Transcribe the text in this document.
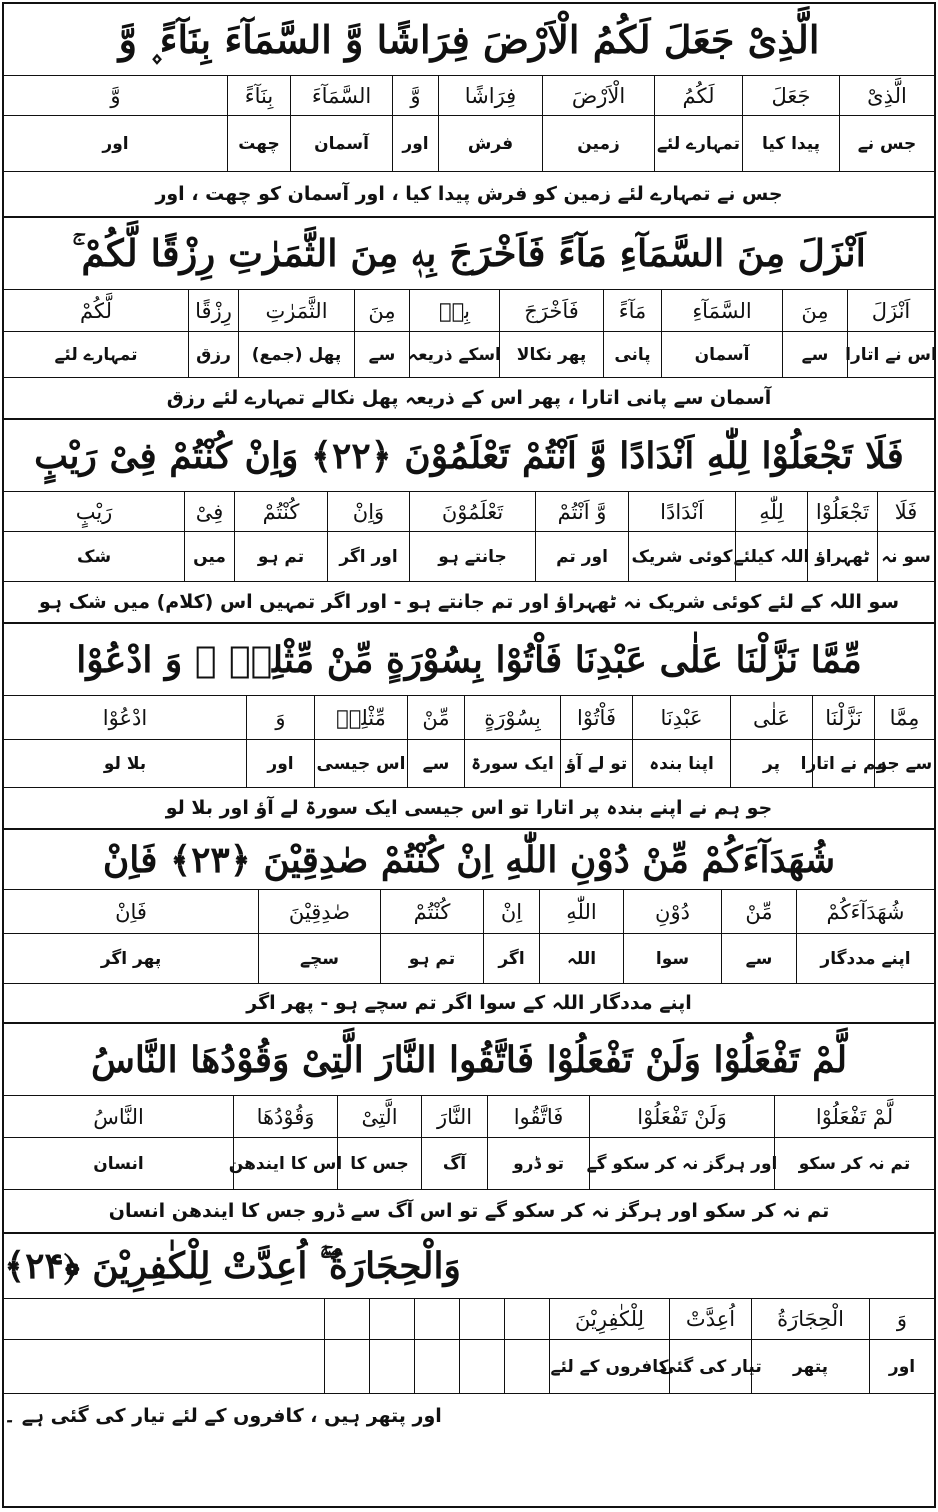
الَّذِیْ جَعَلَ لَكُمُ الْاَرْضَ فِرَاشًا وَّ السَّمَآءَ بِنَآءً ۪ وَّ
الَّذِیْ
جَعَلَ
لَكُمُ
الْاَرْضَ
فِرَاشًا
وَّ
السَّمَآءَ
بِنَآءً
وَّ
جس نے
پیدا کیا
تمہارے لئے
زمین
فرش
اور
آسمان
چھت
اور
جس نے تمہارے لئے زمین کو فرش پیدا کیا ، اور آسمان کو چھت ، اور
اَنْزَلَ مِنَ السَّمَآءِ مَآءً فَاَخْرَجَ بِهٖ مِنَ الثَّمَرٰتِ رِزْقًا لَّكُمْ ۚ
اَنْزَلَ
مِنَ
السَّمَآءِ
مَآءً
فَاَخْرَجَ
بِهٖ
مِنَ
الثَّمَرٰتِ
رِزْقًا
لَّكُمْ
اس نے اتارا
سے
آسمان
پانی
پھر نکالا
اسکے ذریعہ
سے
پھل (جمع)
رزق
تمہارے لئے
آسمان سے پانی اتارا ، پھر اس کے ذریعہ پھل نکالے تمہارے لئے رزق
فَلَا تَجْعَلُوْا لِلّٰهِ اَنْدَادًا وَّ اَنْتُمْ تَعْلَمُوْنَ ﴿۲۲﴾ وَاِنْ كُنْتُمْ فِیْ رَیْبٍ
فَلَا
تَجْعَلُوْا
لِلّٰهِ
اَنْدَادًا
وَّ اَنْتُمْ
تَعْلَمُوْنَ
وَاِنْ
كُنْتُمْ
فِیْ
رَیْبٍ
سو نہ
ٹھہراؤ
اللہ کیلئے
کوئی شریک
اور تم
جانتے ہو
اور اگر
تم ہو
میں
شک
سو اللہ کے لئے کوئی شریک نہ ٹھہراؤ اور تم جانتے ہو - اور اگر تمہیں اس (کلام) میں شک ہو
مِّمَّا نَزَّلْنَا عَلٰى عَبْدِنَا فَاْتُوْا بِسُوْرَةٍ مِّنْ مِّثْلِهٖ ۠ وَ ادْعُوْا
مِمَّا
نَزَّلْنَا
عَلٰى
عَبْدِنَا
فَاْتُوْا
بِسُوْرَةٍ
مِّنْ
مِّثْلِهٖ
وَ
ادْعُوْا
سے جو
ہم نے اتارا
پر
اپنا بندہ
تو لے آؤ
ایک سورۃ
سے
اس جیسی
اور
بلا لو
جو ہم نے اپنے بندہ پر اتارا تو اس جیسی ایک سورۃ لے آؤ اور بلا لو
شُهَدَآءَكُمْ مِّنْ دُوْنِ اللّٰهِ اِنْ كُنْتُمْ صٰدِقِیْنَ ﴿۲۳﴾ فَاِنْ
شُهَدَآءَكُمْ
مِّنْ
دُوْنِ
اللّٰهِ
اِنْ
كُنْتُمْ
صٰدِقِیْنَ
فَاِنْ
اپنے مددگار
سے
سوا
اللہ
اگر
تم ہو
سچے
پھر اگر
اپنے مددگار اللہ کے سوا اگر تم سچے ہو - پھر اگر
لَّمْ تَفْعَلُوْا وَلَنْ تَفْعَلُوْا فَاتَّقُوا النَّارَ الَّتِیْ وَقُوْدُهَا النَّاسُ
لَّمْ تَفْعَلُوْا
وَلَنْ تَفْعَلُوْا
فَاتَّقُوا
النَّارَ
الَّتِیْ
وَقُوْدُهَا
النَّاسُ
تم نہ کر سکو
اور ہرگز نہ کر سکو گے
تو ڈرو
آگ
جس کا
اس کا ایندھن
انسان
تم نہ کر سکو اور ہرگز نہ کر سکو گے تو اس آگ سے ڈرو جس کا ایندھن انسان
وَالْحِجَارَةُ ۖۚ اُعِدَّتْ لِلْكٰفِرِیْنَ ﴿۲۴﴾
وَ
الْحِجَارَةُ
اُعِدَّتْ
لِلْكٰفِرِیْنَ
اور
پتھر
تیار کی گئی
کافروں کے لئے
اور پتھر ہیں ، کافروں کے لئے تیار کی گئی ہے ۔
